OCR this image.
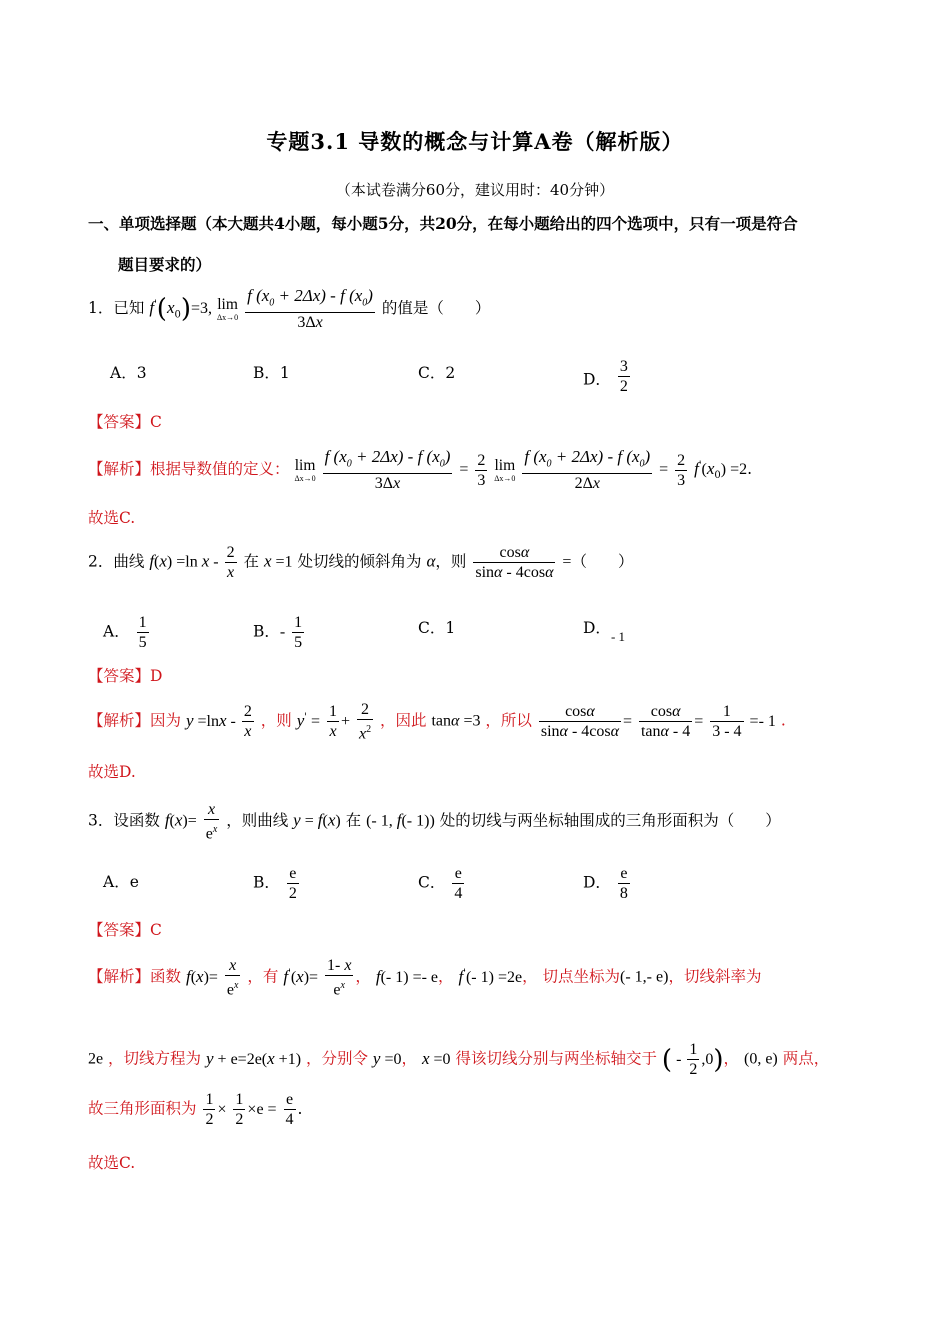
专题3.1 导数的概念与计算A卷（解析版）
（本试卷满分60分，建议用时：40分钟）
一、单项选择题（本大题共4小题，每小题5分，共20分，在每小题给出的四个选项中，只有一项是符合
题目要求的）
1．已知 $f'(x_0)=3$, lim
Δx→0
$\frac{f (x_0 + 2\Delta x) - f (x_0)}{3\Delta x}$ 的值是（　　）
A．3	B．1	C．2	D． $\frac{3}{2}$
【答案】C
【解析】根据导数值的定义： lim
Δx→0
$\frac{f (x_0 + 2\Delta x) - f (x_0)}{3\Delta x} = \frac{2}{3}$ lim
Δx→0
$\frac{f (x_0 + 2\Delta x) - f (x_0)}{2\Delta x} = \frac{2}{3} f'(x_0) =2$.
故选C.
2．曲线 f(x) =ln x - $\frac{2}{x}$ 在 x =1 处切线的倾斜角为 α，则 $\frac{\cos\alpha}{\sin\alpha - 4\cos\alpha}$ =（　　）
A． $\frac{1}{5}$	B．- $\frac{1}{5}$	C．1	D．$_{- 1}$
【答案】D
【解析】因为 $y =\ln x - \frac{2}{x}$ ，则 $y' = \frac{1}{x} + \frac{2}{x^2}$ ，因此 tanα =3 ，所以 $\frac{\cos\alpha}{\sin\alpha - 4\cos\alpha} = \frac{\cos\alpha}{\tan\alpha - 4} = \frac{1}{3 - 4} =- 1$ .
故选D.
3．设函数 $f(x)= \frac{x}{e^x}$ ，则曲线 y = f(x) 在 (- 1, f(- 1)) 处的切线与两坐标轴围成的三角形面积为（　　）
A．e	B． $\frac{e}{2}$	C． $\frac{e}{4}$	D． $\frac{e}{8}$
【答案】C
【解析】函数 $f(x)= \frac{x}{e^x}$ ，有 $f'(x)= \frac{1- x}{e^x}$ ， f(- 1) =- e， f'(- 1) =2e， 切点坐标为(- 1,- e)，切线斜率为
2e ，切线方程为 y + e=2e(x +1) ，分别令 y =0， x =0 得该切线分别与两坐标轴交于 ( - $\frac{1}{2} ,0$)， (0, e) 两点，
故三角形面积为 $\frac{1}{2} \times \frac{1}{2} \times e = \frac{e}{4}$ .
故选C.
